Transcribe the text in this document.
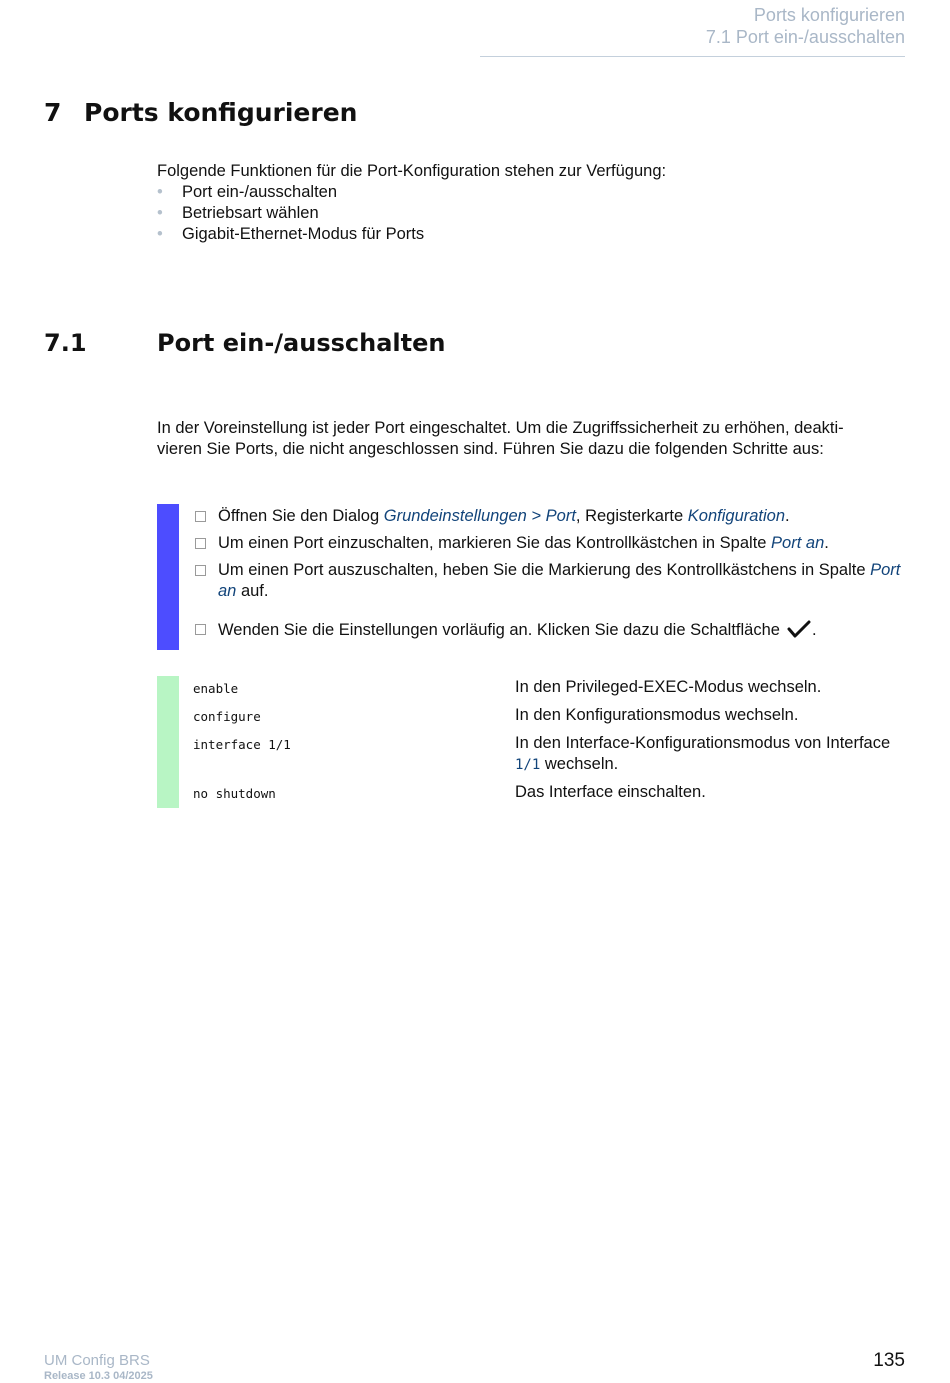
Ports konfigurieren
7.1 Port ein-/ausschalten
7 Ports konfigurieren

Folgende Funktionen für die Port-Konfiguration stehen zur Verfügung:

• Port ein-/ausschalten
• Betriebsart wählen
• Gigabit-Ethernet-Modus für Ports
7.1	Port ein-/ausschalten
In der Voreinstellung ist jeder Port eingeschaltet. Um die Zugriffssicherheit zu erhöhen, deakti-
vieren Sie Ports, die nicht angeschlossen sind. Führen Sie dazu die folgenden Schritte aus:
Öffnen Sie den Dialog Grundeinstellungen > Port, Registerkarte Konfiguration.
Um einen Port einzuschalten, markieren Sie das Kontrollkästchen in Spalte Port an.
Um einen Port auszuschalten, heben Sie die Markierung des Kontrollkästchens in Spalte Port an auf.
Wenden Sie die Einstellungen vorläufig an. Klicken Sie dazu die Schaltfläche .
enable	In den Privileged-EXEC-Modus wechseln.
configure	In den Konfigurationsmodus wechseln.
interface 1/1	In den Interface-Konfigurationsmodus von Interface 1/1 wechseln.
no shutdown	Das Interface einschalten.
UM Config BRS
Release 10.3 04/2025
135
